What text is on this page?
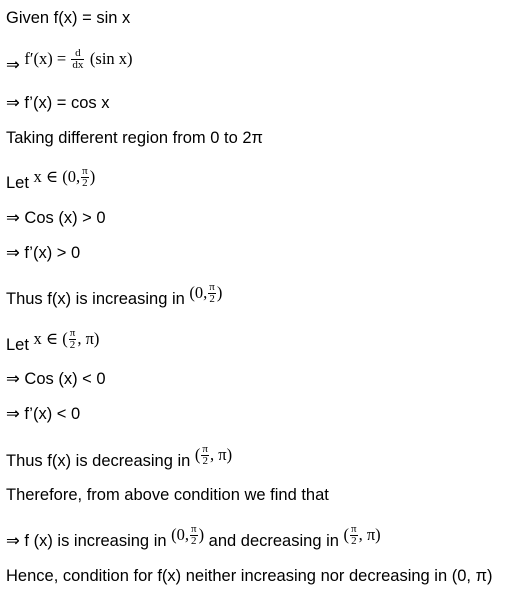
Given f(x) = sin x
⇒ $f'(x) = \frac{d}{dx} (\sin$ x)
⇒ f’(x) = cos x
Taking different region from 0 to 2π
Let x ∈ (0, $\frac{\pi}{2}$ )
⇒ Cos (x) > 0
⇒ f’(x) > 0
Thus f(x) is increasing in (0, $\frac{\pi}{2}$ )
Let x ∈ ( $\frac{\pi}{2}$ , π)
⇒ Cos (x) < 0
⇒ f’(x) < 0
Thus f(x) is decreasing in ( $\frac{\pi}{2}$ , π)
Therefore, from above condition we find that
⇒ f (x) is increasing in (0, $\frac{\pi}{2}$ ) and decreasing in ( $\frac{\pi}{2}$ , π)
Hence, condition for f(x) neither increasing nor decreasing in (0, π)
